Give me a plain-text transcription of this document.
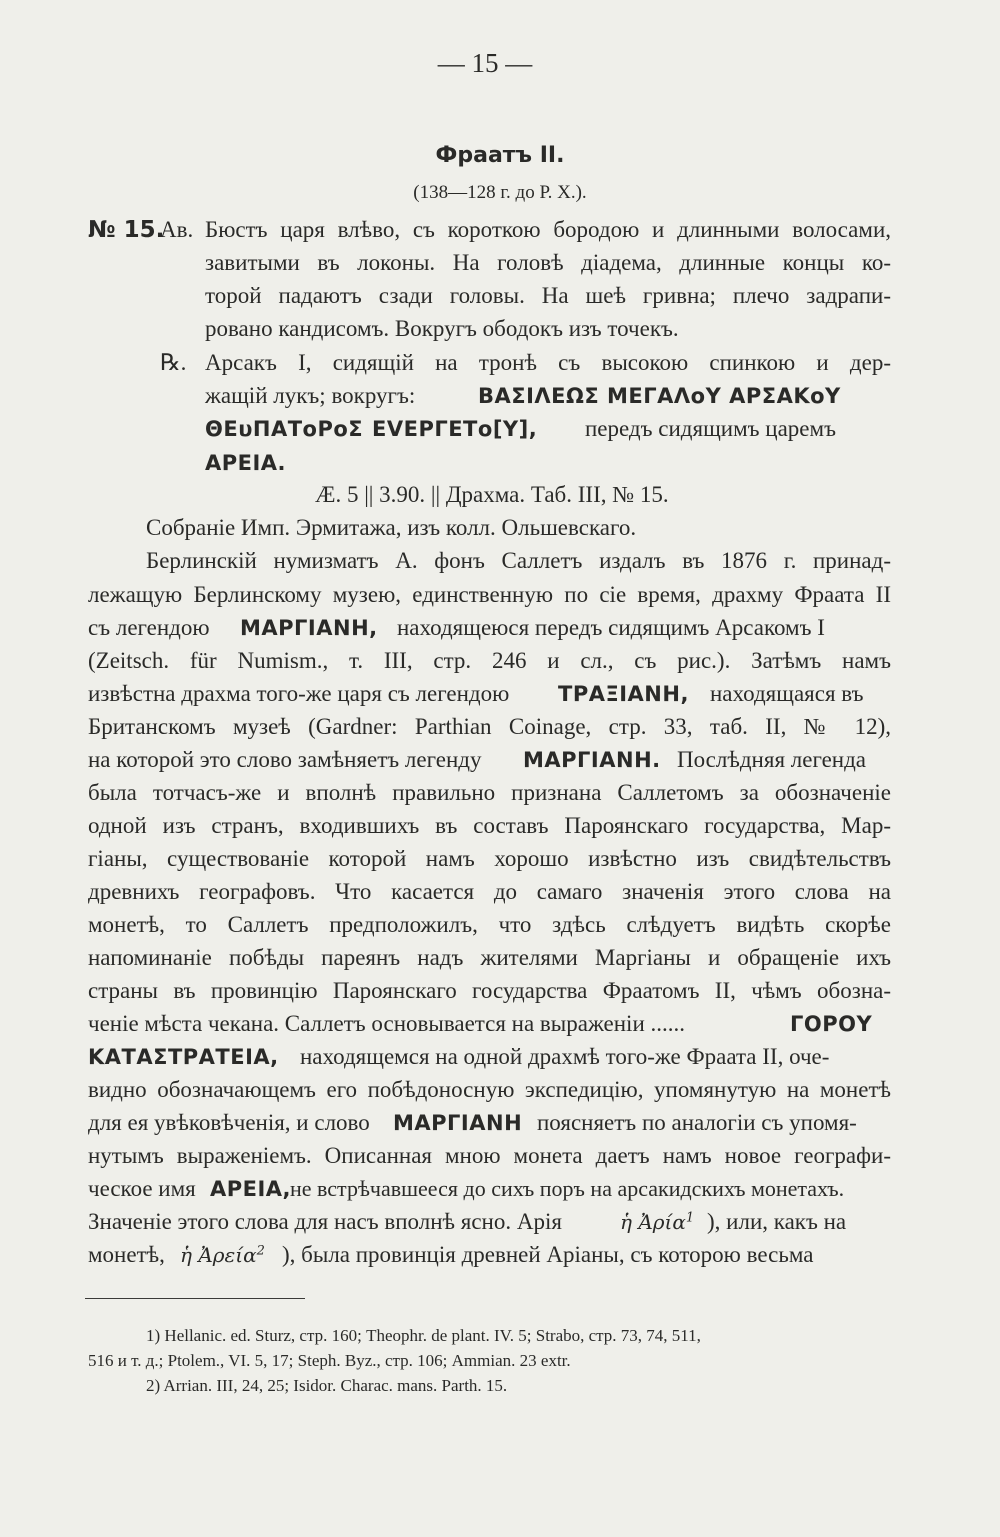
— 15 —
Фраатъ II.
(138—128 г. до Р. Х.).
№ 15.
Ав. Бюстъ царя влѣво, съ короткою бородою и длинными волосами,
завитыми въ локоны. На головѣ діадема, длинные концы ко-
торой падаютъ сзади головы. На шеѣ гривна; плечо задрапи-
ровано кандисомъ. Вокругъ ободокъ изъ точекъ.
℞. Арсакъ I, сидящій на тронѣ съ высокою спинкою и дер-
жащій лукъ; вокругъ:	ΒΑΣΙΛΕΩΣ ΜΕΓΑΛοΥ ΑΡΣΑΚοΥ
ΘΕυΠΑΤοΡοΣ EVΕΡΓΕΤο[Υ], передъ сидящимъ царемъ
ΑΡΕΙΑ.
Æ. 5 || 3.90. || Драхма. Таб. III, № 15.
Собраніе Имп. Эрмитажа, изъ колл. Ольшевскаго.
Берлинскій нумизматъ А. фонъ Саллетъ издалъ въ 1876 г. принад-
лежащую Берлинскому музею, единственную по сіе время, драхму Фраата II
съ легендою ΜΑΡΓΙΑΝΗ, находящеюся передъ сидящимъ Арсакомъ I
(Zeitsch. für Numism., т. III, стр. 246 и сл., съ рис.). Затѣмъ намъ
извѣстна драхма того-же царя съ легендою ΤΡΑΞΙΑΝΗ, находящаяся въ
Британскомъ музеѣ (Gardner: Parthian Coinage, стр. 33, таб. II, № 12),
на которой это слово замѣняетъ легенду ΜΑΡΓΙΑΝΗ. Послѣдняя легенда
была тотчасъ-же и вполнѣ правильно признана Саллетомъ за обозначеніе
одной изъ странъ, входившихъ въ составъ Пароянскаго государства, Мар-
гіаны, существованіе которой намъ хорошо извѣстно изъ свидѣтельствъ
древнихъ географовъ. Что касается до самаго значенія этого слова на
монетѣ, то Саллетъ предположилъ, что здѣсь слѣдуетъ видѣть скорѣе
напоминаніе побѣды пареянъ надъ жителями Маргіаны и обращеніе ихъ
страны въ провинцію Пароянскаго государства Фраатомъ II, чѣмъ обозна-
ченіе мѣста чекана. Саллетъ основывается на выраженіи ......	ΓΟΡΟΥ
ΚΑΤΑΣΤΡΑΤΕΙΑ, находящемся на одной драхмѣ того-же Фраата II, оче-
видно обозначающемъ его побѣдоносную экспедицію, упомянутую на монетѣ
для ея увѣковѣченія, и слово ΜΑΡΓΙΑΝΗ поясняетъ по аналогіи съ упомя-
нутымъ выраженіемъ. Описанная мною монета даетъ намъ новое географи-
ческое имя ΑΡΕΙΑ,
не встрѣчавшееся до сихъ поръ на арсакидскихъ монетахъ.
Значеніе этого слова для насъ вполнѣ ясно. Арія	ἡ Ἀρία$^1$ ), или, какъ на
монетѣ, ἡ Ἀρεία$^2$ ), была провинція древней Аріаны, съ которою весьма
1) Hellanic. ed. Sturz, стр. 160; Theophr. de plant. IV. 5; Strabo, стр. 73, 74, 511,
516 и т. д.; Ptolem., VI. 5, 17; Steph. Byz., стр. 106; Ammian. 23 extr.
2) Arrian. III, 24, 25; Isidor. Charac. mans. Parth. 15.
